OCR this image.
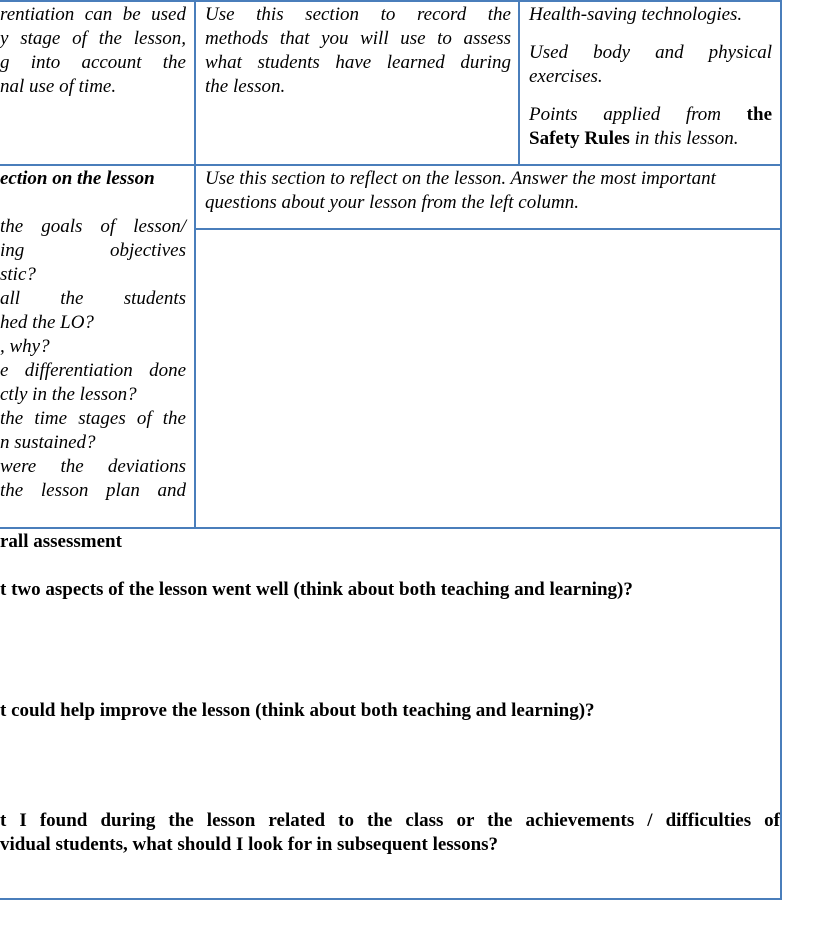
rentiation can be used
y stage of the lesson,
g into account the
nal use of time.
Use this section to record the
methods that you will use to assess
what students have learned during
the lesson.
Health-saving technologies.
Used body and physical
exercises.
Points applied from the
Safety Rules in this lesson.
ection on the lesson	Use this section to reflect on the lesson. Answer the most important
questions about your lesson from the left column.
the goals of lesson/
ing objectives
stic?
all the students
hed the LO?
, why?
e differentiation done
ctly in the lesson?
the time stages of the
n sustained?
were the deviations
the lesson plan and
rall assessment
t two aspects of the lesson went well (think about both teaching and learning)?
t could help improve the lesson (think about both teaching and learning)?
t I found during the lesson related to the class or the achievements / difficulties of
vidual students, what should I look for in subsequent lessons?
